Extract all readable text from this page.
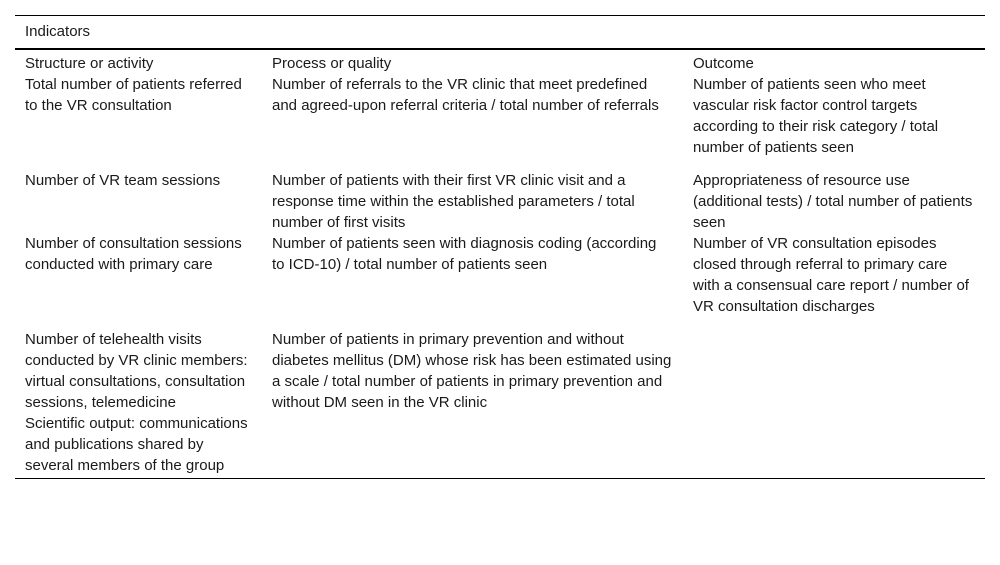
Indicators		
Structure or activity	Process or quality	Outcome
Total number of patients referred to the VR consultation	Number of referrals to the VR clinic that meet predefined and agreed-upon referral criteria / total number of referrals	Number of patients seen who meet vascular risk factor control targets according to their risk category / total number of patients seen
Number of VR team sessions	Number of patients with their first VR clinic visit and a response time within the established parameters / total number of first visits	Appropriateness of resource use (additional tests) / total number of patients seen
Number of consultation sessions conducted with primary care	Number of patients seen with diagnosis coding (according to ICD-10) / total number of patients seen	Number of VR consultation episodes closed through referral to primary care with a consensual care report / number of VR consultation discharges
Number of telehealth visits conducted by VR clinic members: virtual consultations, consultation sessions, telemedicine	Number of patients in primary prevention and without diabetes mellitus (DM) whose risk has been estimated using a scale / total number of patients in primary prevention and without DM seen in the VR clinic	
Scientific output: communications and publications shared by several members of the group		
